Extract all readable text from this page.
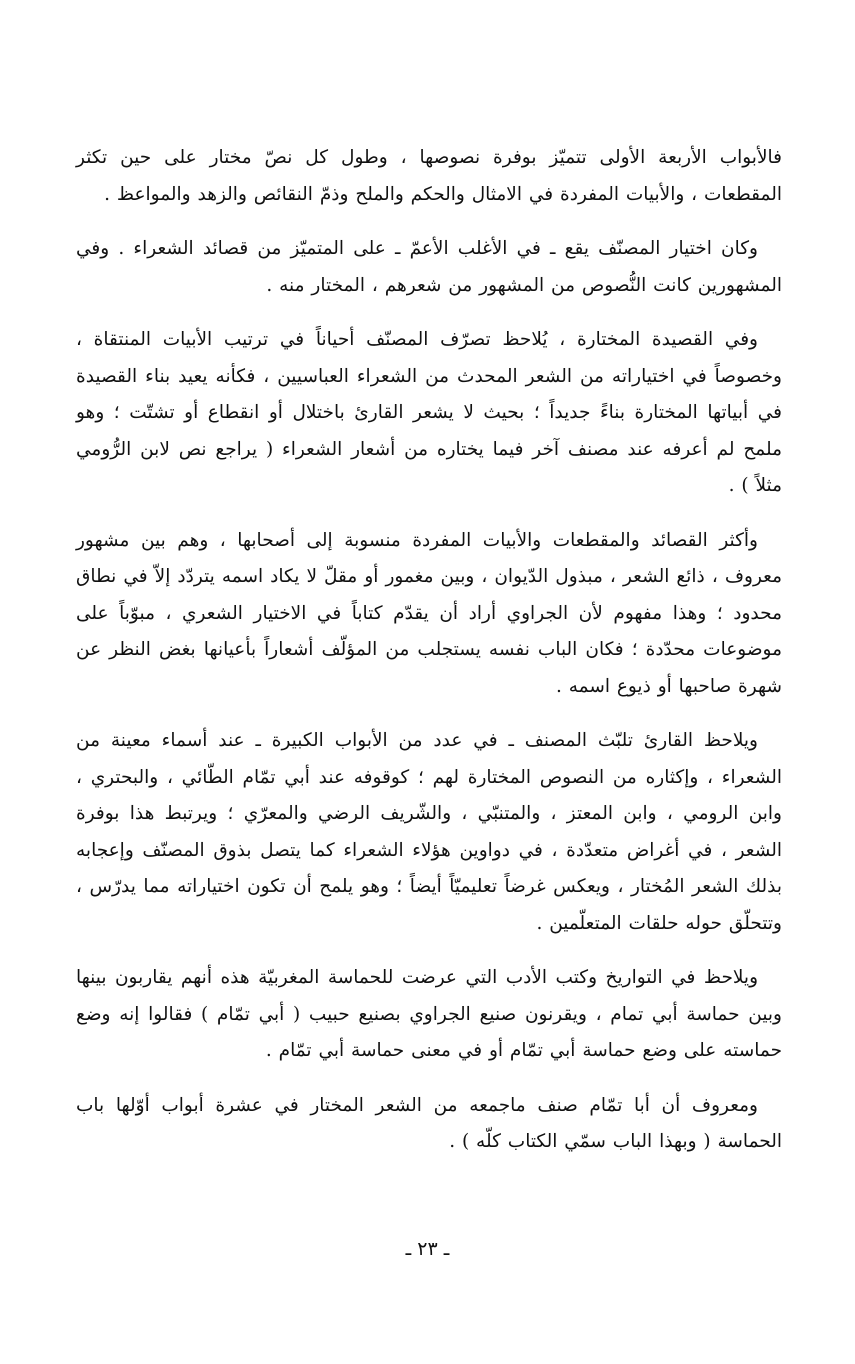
فالأبواب الأربعة الأولى تتميّز بوفرة نصوصها ، وطول كل نصّ مختار على حين تكثر المقطعات ، والأبيات المفردة في الامثال والحكم والملح وذمّ النقائص والزهد والمواعظ .

وكان اختيار المصنّف يقع ـ في الأغلب الأعمّ ـ على المتميّز من قصائد الشعراء . وفي المشهورين كانت النُّصوص من المشهور من شعرهم ، المختار منه .

وفي القصيدة المختارة ، يُلاحظ تصرّف المصنّف أحياناً في ترتيب الأبيات المنتقاة ، وخصوصاً في اختياراته من الشعر المحدث من الشعراء العباسيين ، فكأنه يعيد بناء القصيدة في أبياتها المختارة بناءً جديداً ؛ بحيث لا يشعر القارئ باختلال أو انقطاع أو تشتّت ؛ وهو ملمح لم أعرفه عند مصنف آخر فيما يختاره من أشعار الشعراء ( يراجع نص لابن الرُّومي مثلاً ) .

وأكثر القصائد والمقطعات والأبيات المفردة منسوبة إلى أصحابها ، وهم بين مشهور معروف ، ذائع الشعر ، مبذول الدّيوان ، وبين مغمور أو مقلّ لا يكاد اسمه يتردّد إلاّ في نطاق محدود ؛ وهذا مفهوم لأن الجراوي أراد أن يقدّم كتاباً في الاختيار الشعري ، مبوّباً على موضوعات محدّدة ؛ فكان الباب نفسه يستجلب من المؤلّف أشعاراً بأعيانها بغض النظر عن شهرة صاحبها أو ذيوع اسمه .

ويلاحظ القارئ تلبّث المصنف ـ في عدد من الأبواب الكبيرة ـ عند أسماء معينة من الشعراء ، وإكثاره من النصوص المختارة لهم ؛ كوقوفه عند أبي تمّام الطّائي ، والبحتري ، وابن الرومي ، وابن المعتز ، والمتنبّي ، والشّريف الرضي والمعرّي ؛ ويرتبط هذا بوفرة الشعر ، في أغراض متعدّدة ، في دواوين هؤلاء الشعراء كما يتصل بذوق المصنّف وإعجابه بذلك الشعر المُختار ، ويعكس غرضاً تعليميّاً أيضاً ؛ وهو يلمح أن تكون اختياراته مما يدرّس ، وتتحلّق حوله حلقات المتعلّمين .

ويلاحظ في التواريخ وكتب الأدب التي عرضت للحماسة المغربيّة هذه أنهم يقاربون بينها وبين حماسة أبي تمام ، ويقرنون صنيع الجراوي بصنيع حبيب ( أبي تمّام ) فقالوا إنه وضع حماسته على وضع حماسة أبي تمّام أو في معنى حماسة أبي تمّام .

ومعروف أن أبا تمّام صنف ماجمعه من الشعر المختار في عشرة أبواب أوّلها باب الحماسة ( وبهذا الباب سمّي الكتاب كلّه ) .

ـ ٢٣ ـ
